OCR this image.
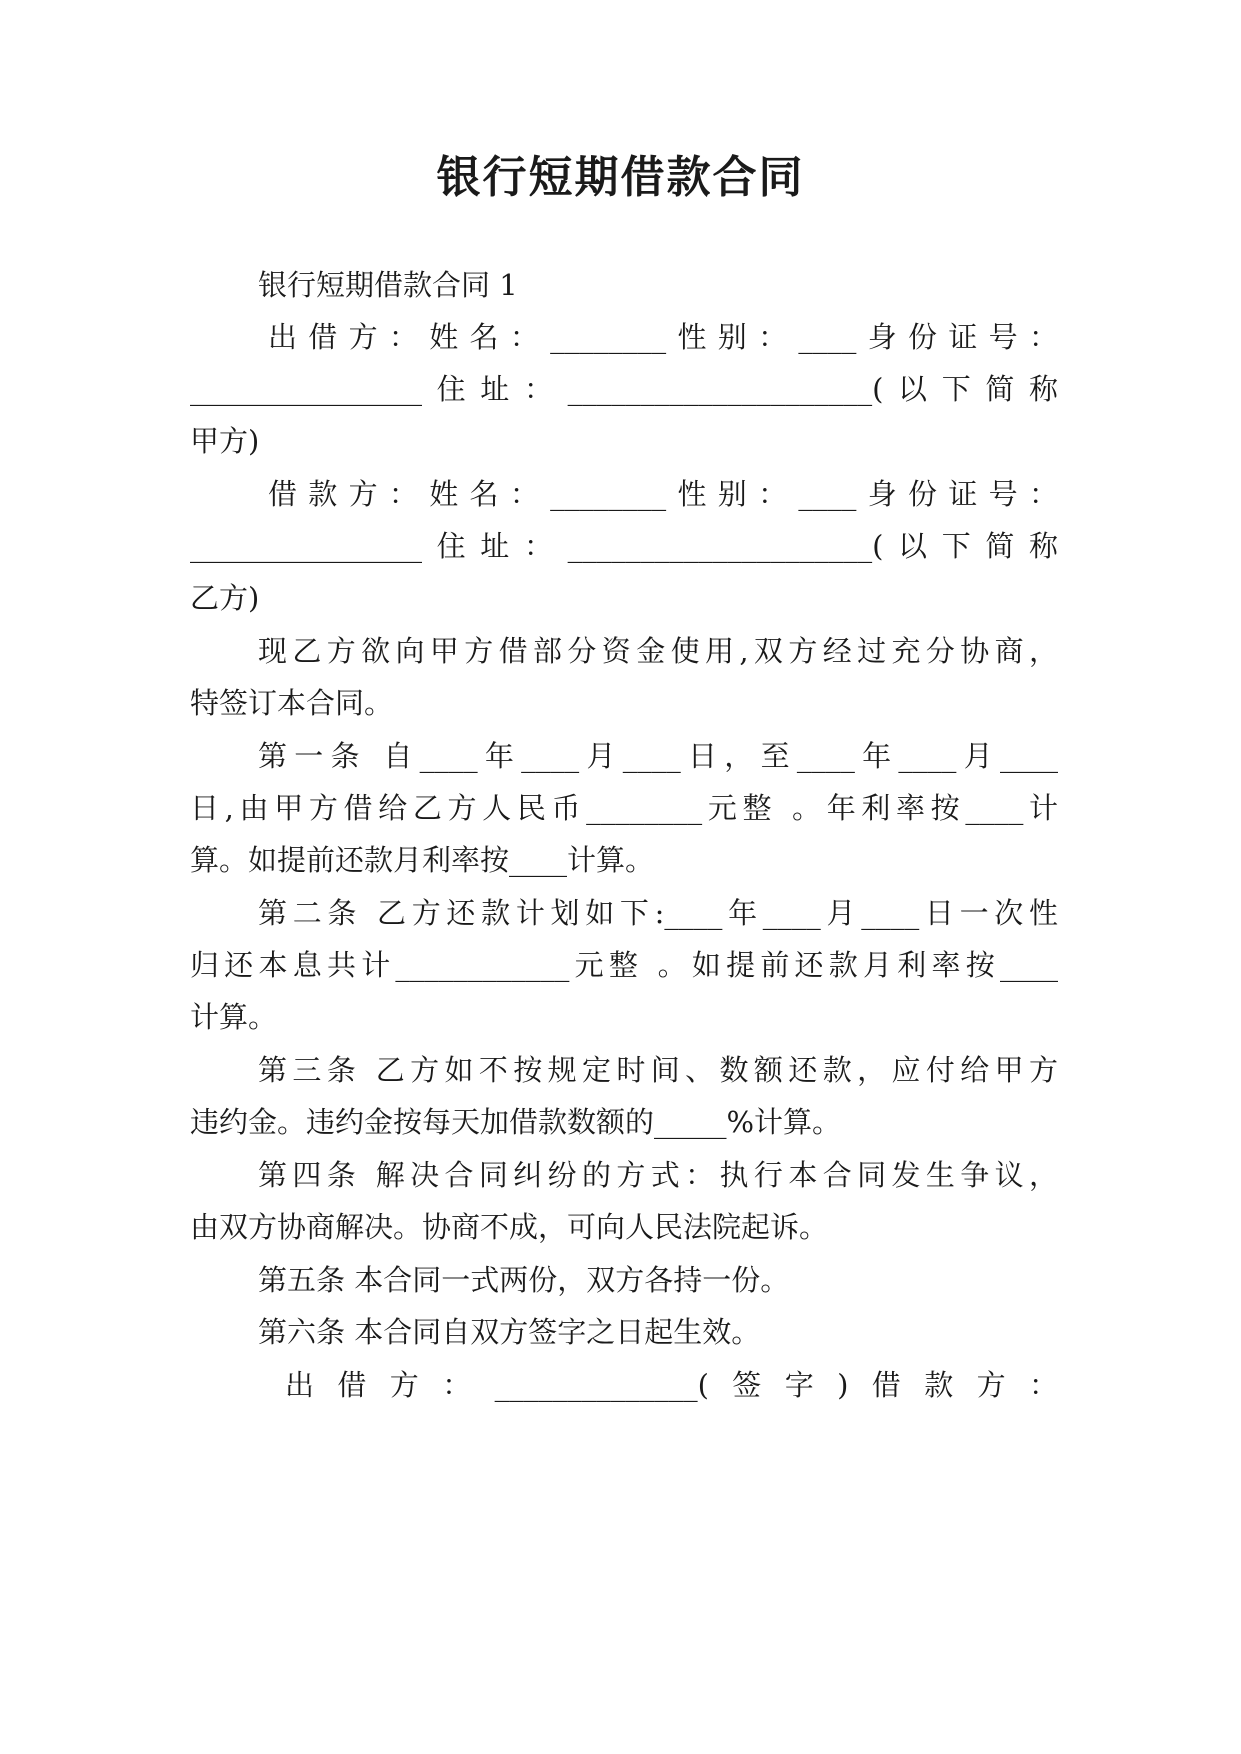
银行短期借款合同
银行短期借款合同 1
出借方：姓名：________性别：____身份证号：
________________住址：_____________________(以下简称
甲方)
借款方：姓名：________性别：____身份证号：
________________住址：_____________________(以下简称
乙方)
现乙方欲向甲方借部分资金使用,双方经过充分协商，
特签订本合同。
第一条 自____年____月____日，至____年____月____
日,由甲方借给乙方人民币________元整 。年利率按____计
算。如提前还款月利率按____计算。
第二条 乙方还款计划如下:____年____月____日一次性
归还本息共计____________元整 。如提前还款月利率按____
计算。
第三条 乙方如不按规定时间、数额还款，应付给甲方
违约金。违约金按每天加借款数额的_____%计算。
第四条 解决合同纠纷的方式：执行本合同发生争议，
由双方协商解决。协商不成，可向人民法院起诉。
第五条 本合同一式两份，双方各持一份。
第六条 本合同自双方签字之日起生效。
出借方：______________(签字)借款方：
